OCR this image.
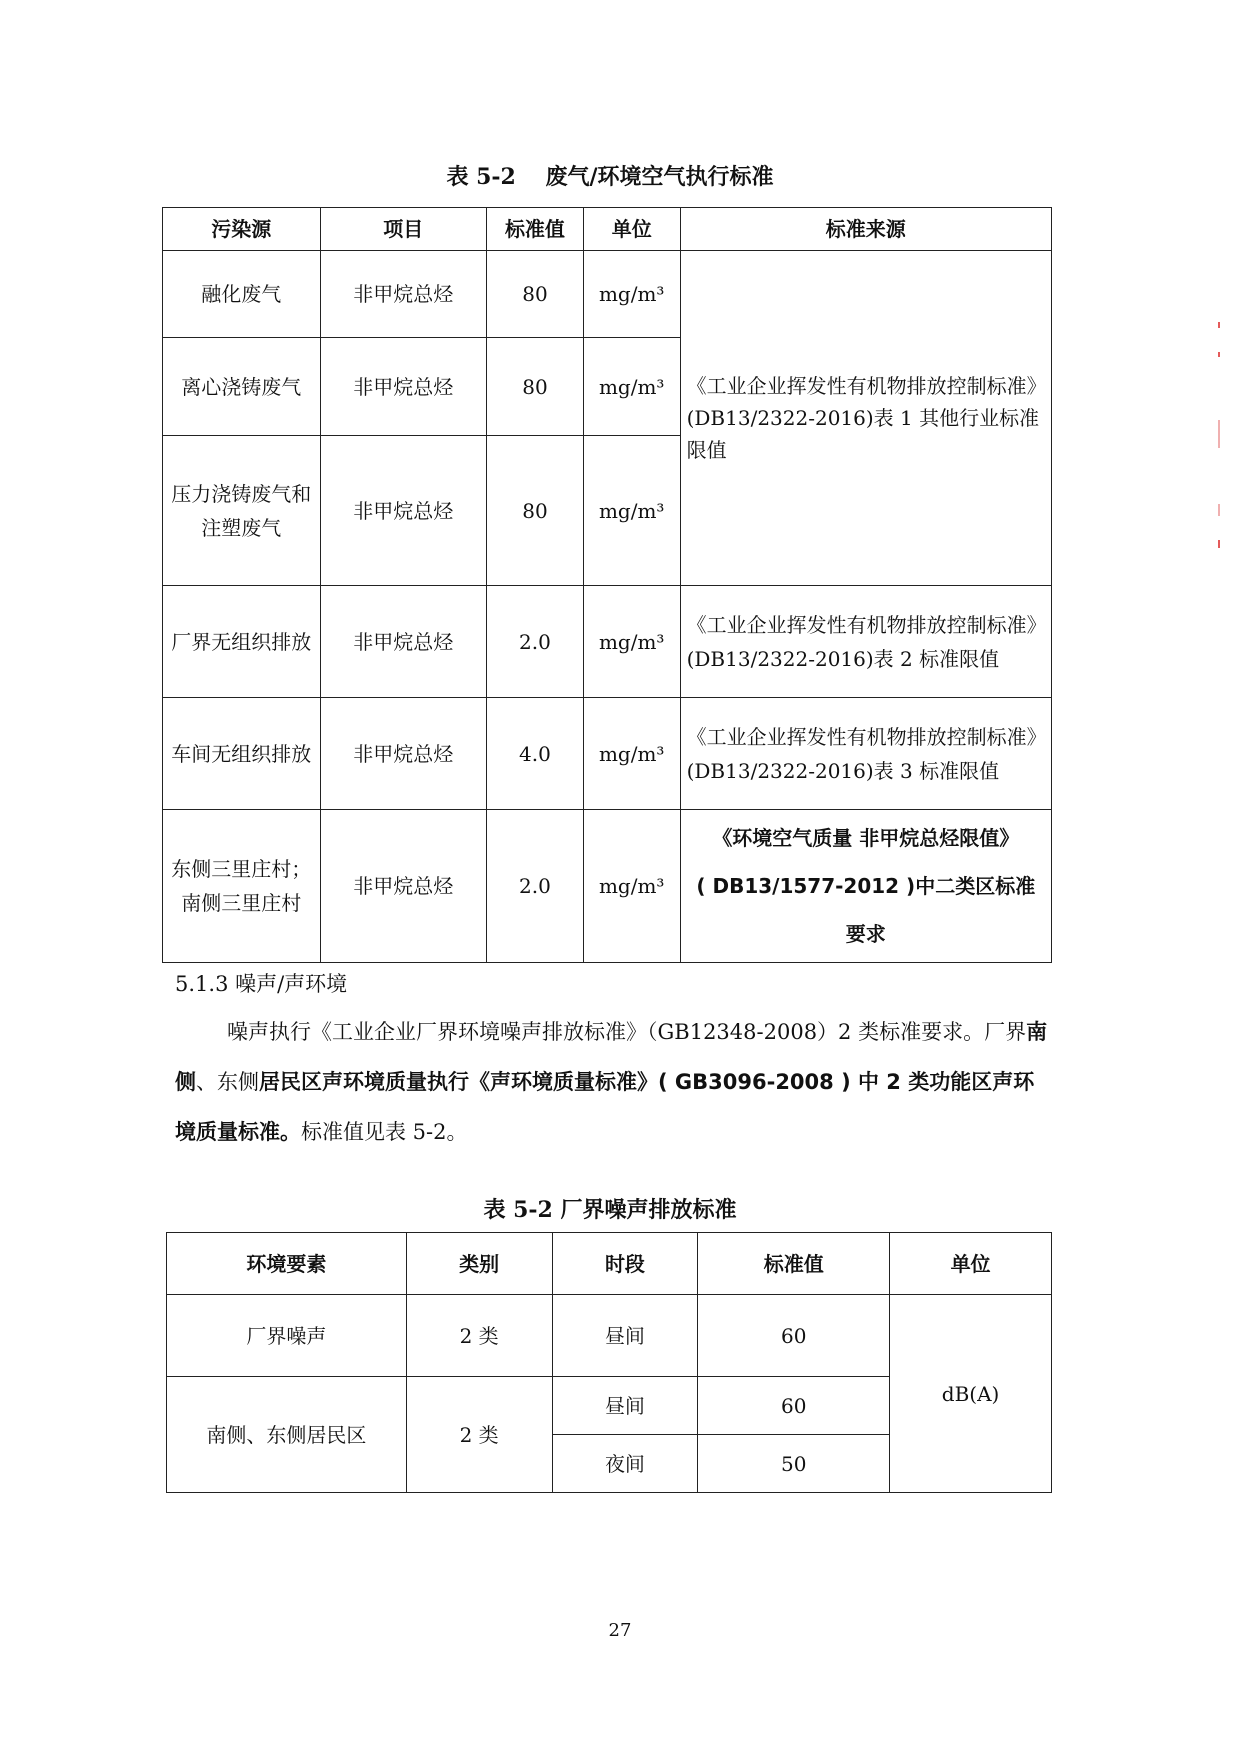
表 5-2　 废气/环境空气执行标准
污染源	项目	标准值	单位	标准来源
融化废气	非甲烷总烃	80	mg/m³	《工业企业挥发性有机物排放控制标准》(DB13/2322-2016)表 1 其他行业标准限值
离心浇铸废气	非甲烷总烃	80	mg/m³	
压力浇铸废气和注塑废气	非甲烷总烃	80	mg/m³	
厂界无组织排放	非甲烷总烃	2.0	mg/m³	《工业企业挥发性有机物排放控制标准》(DB13/2322-2016)表 2 标准限值
车间无组织排放	非甲烷总烃	4.0	mg/m³	《工业企业挥发性有机物排放控制标准》(DB13/2322-2016)表 3 标准限值
东侧三里庄村；南侧三里庄村	非甲烷总烃	2.0	mg/m³	《环境空气质量 非甲烷总烃限值》
( DB13/1577-2012 )中二类区标准要求
5.1.3 噪声/声环境
噪声执行《工业企业厂界环境噪声排放标准》（GB12348-2008）2 类标准要求。厂界南侧、东侧居民区声环境质量执行《声环境质量标准》( GB3096-2008 ) 中 2 类功能区声环境质量标准。标准值见表 5-2。
表 5-2 厂界噪声排放标准
环境要素	类别	时段	标准值	单位
厂界噪声	2 类	昼间	60	dB(A)
南侧、东侧居民区	2 类	昼间	60	
		夜间	50	
27
